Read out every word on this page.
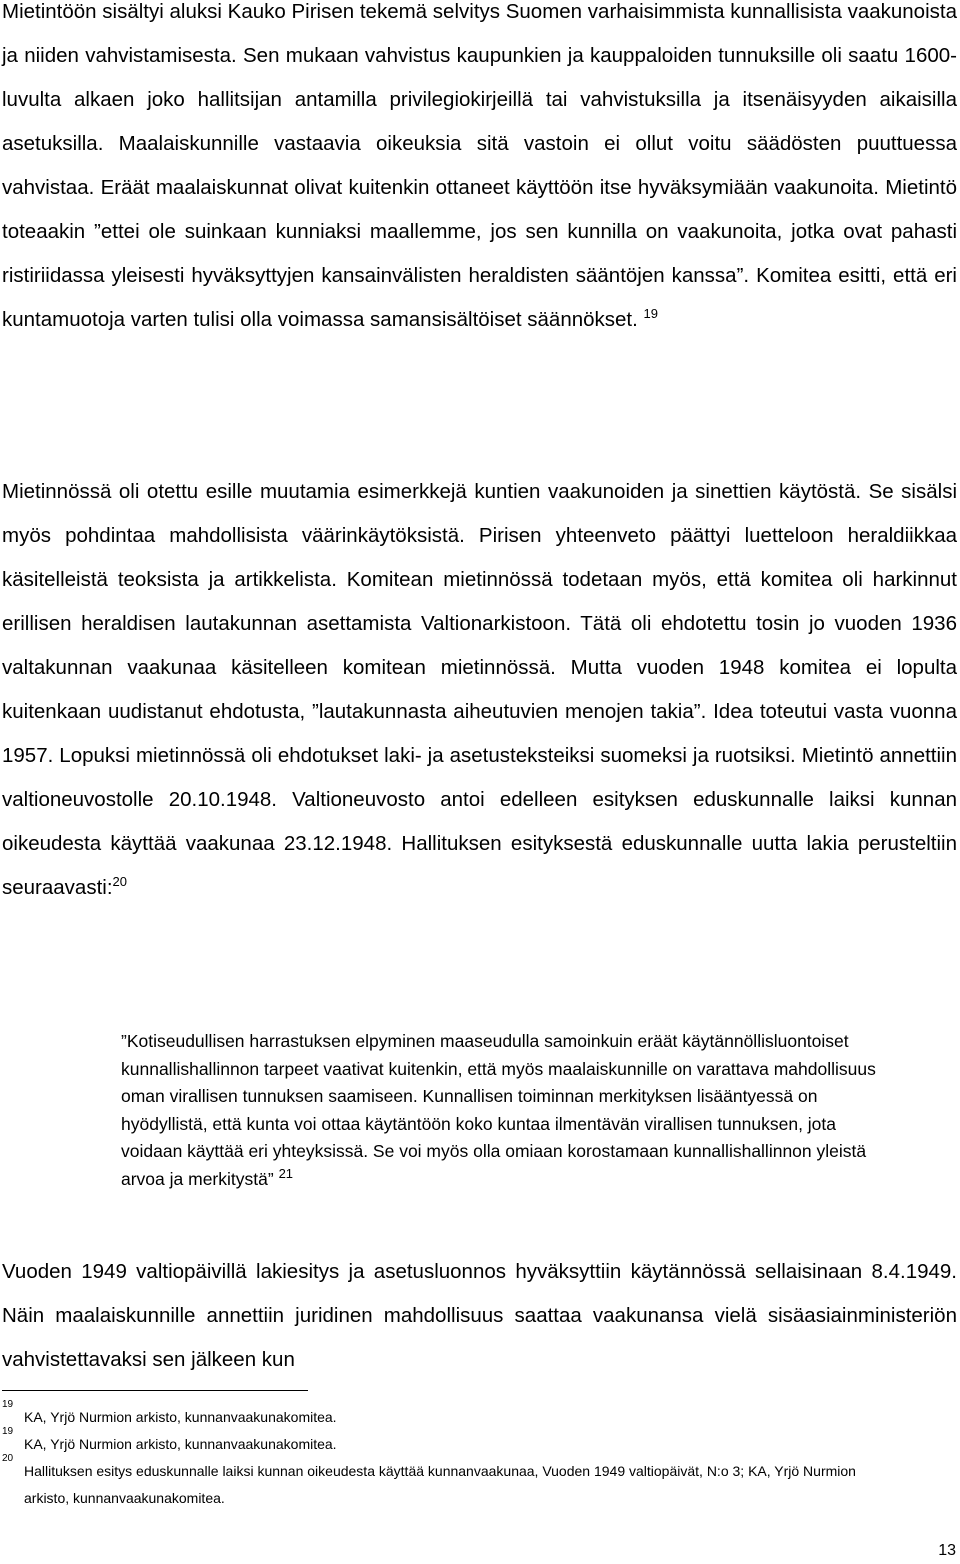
Mietintöön sisältyi aluksi Kauko Pirisen tekemä selvitys Suomen varhaisimmista kunnallisista vaakunoista ja niiden vahvistamisesta. Sen mukaan vahvistus kaupunkien ja kauppaloiden tunnuksille oli saatu 1600-luvulta alkaen joko hallitsijan antamilla privilegiokirjeillä tai vahvistuksilla ja itsenäisyyden aikaisilla asetuksilla. Maalaiskunnille vastaavia oikeuksia sitä vastoin ei ollut voitu säädösten puuttuessa vahvistaa. Eräät maalaiskunnat olivat kuitenkin ottaneet käyttöön itse hyväksymiään vaakunoita. Mietintö toteaakin ”ettei ole suinkaan kunniaksi maallemme, jos sen kunnilla on vaakunoita, jotka ovat pahasti ristiriidassa yleisesti hyväksyttyjen kansainvälisten heraldisten sääntöjen kanssa”. Komitea esitti, että eri kuntamuotoja varten tulisi olla voimassa samansisältöiset säännökset. $^{19}$

Mietinnössä oli otettu esille muutamia esimerkkejä kuntien vaakunoiden ja sinettien käytöstä. Se sisälsi myös pohdintaa mahdollisista väärinkäytöksistä. Pirisen yhteenveto päättyi luetteloon heraldiikkaa käsitelleistä teoksista ja artikkelista. Komitean mietinnössä todetaan myös, että komitea oli harkinnut erillisen heraldisen lautakunnan asettamista Valtionarkistoon. Tätä oli ehdotettu tosin jo vuoden 1936 valtakunnan vaakunaa käsitelleen komitean mietinnössä. Mutta vuoden 1948 komitea ei lopulta kuitenkaan uudistanut ehdotusta, ”lautakunnasta aiheutuvien menojen takia”. Idea toteutui vasta vuonna 1957. Lopuksi mietinnössä oli ehdotukset laki- ja asetusteksteiksi suomeksi ja ruotsiksi. Mietintö annettiin valtioneuvostolle 20.10.1948. Valtioneuvosto antoi edelleen esityksen eduskunnalle laiksi kunnan oikeudesta käyttää vaakunaa 23.12.1948. Hallituksen esityksestä eduskunnalle uutta lakia perusteltiin seuraavasti:$^{20}$

”Kotiseudullisen harrastuksen elpyminen maaseudulla samoinkuin eräät käytännöllisluontoiset kunnallishallinnon tarpeet vaativat kuitenkin, että myös maalaiskunnille on varattava mahdollisuus oman virallisen tunnuksen saamiseen. Kunnallisen toiminnan merkityksen lisääntyessä on hyödyllistä, että kunta voi ottaa käytäntöön koko kuntaa ilmentävän virallisen tunnuksen, jota voidaan käyttää eri yhteyksissä. Se voi myös olla omiaan korostamaan kunnallishallinnon yleistä arvoa ja merkitystä” $^{21}$

Vuoden 1949 valtiopäivillä lakiesitys ja asetusluonnos hyväksyttiin käytännössä sellaisinaan 8.4.1949. Näin maalaiskunnille annettiin juridinen mahdollisuus saattaa vaakunansa vielä sisäasiainministeriön vahvistettavaksi sen jälkeen kun

19
KA, Yrjö Nurmion arkisto, kunnanvaakunakomitea.
19
KA, Yrjö Nurmion arkisto, kunnanvaakunakomitea.
20
Hallituksen esitys eduskunnalle laiksi kunnan oikeudesta käyttää kunnanvaakunaa, Vuoden 1949 valtiopäivät, N:o 3; KA, Yrjö Nurmion arkisto, kunnanvaakunakomitea.
13
